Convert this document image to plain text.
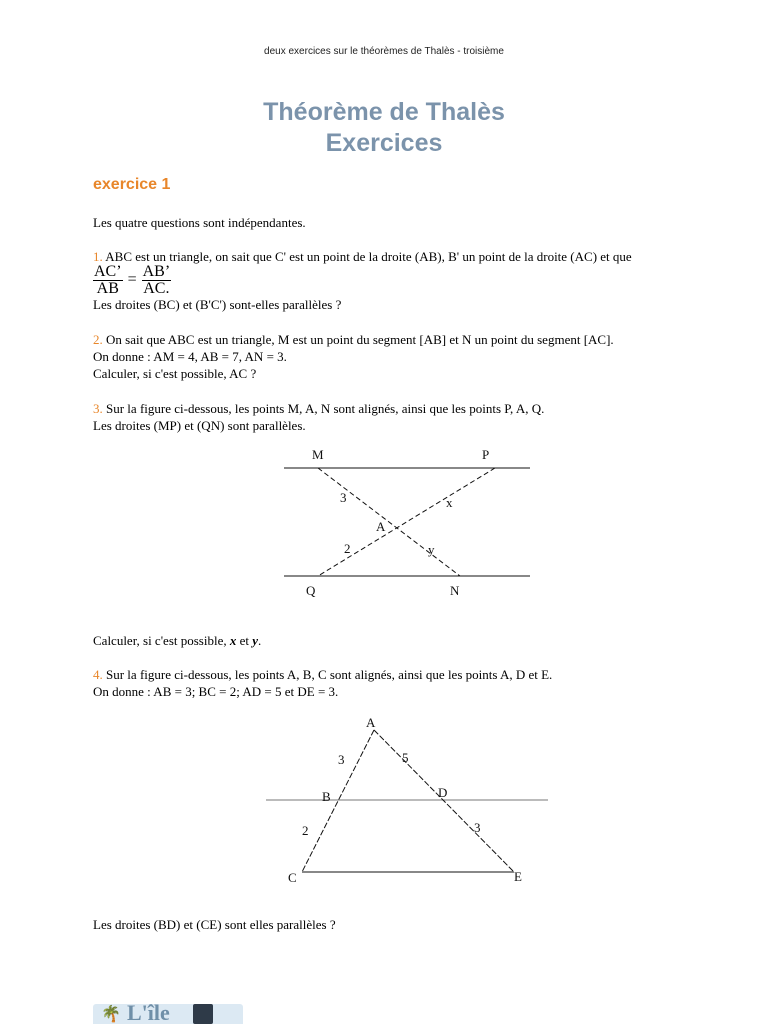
deux exercices sur le théorèmes de Thalès - troisième
Théorème de Thalès
Exercices
exercice 1
Les quatre questions sont indépendantes.
1. ABC est un triangle, on sait que C' est un point de la droite (AB), B' un point de la droite (AC) et que
$\frac{AC’}{AB} = \frac{AB’}{AC.}$
Les droites (BC) et (B'C') sont-elles parallèles ?
2. On sait que ABC est un triangle, M est un point du segment [AB] et N un point du segment [AC].
On donne : AM = 4, AB = 7, AN = 3.
Calculer, si c'est possible, AC ?
3. Sur la figure ci-dessous, les points M, A, N sont alignés, ainsi que les points P, A, Q.
Les droites (MP) et (QN) sont parallèles.
M	P
A
Q	N
3
2
x
y
Calculer, si c'est possible, x et y.
4. Sur la figure ci-dessous, les points A, B, C sont alignés, ainsi que les points A, D et E.
On donne : AB = 3; BC = 2; AD = 5 et DE = 3.
A
B
C
D
E
3
2
5
3
Les droites (BD) et (CE) sont elles parallèles ?
🌴 L'île
